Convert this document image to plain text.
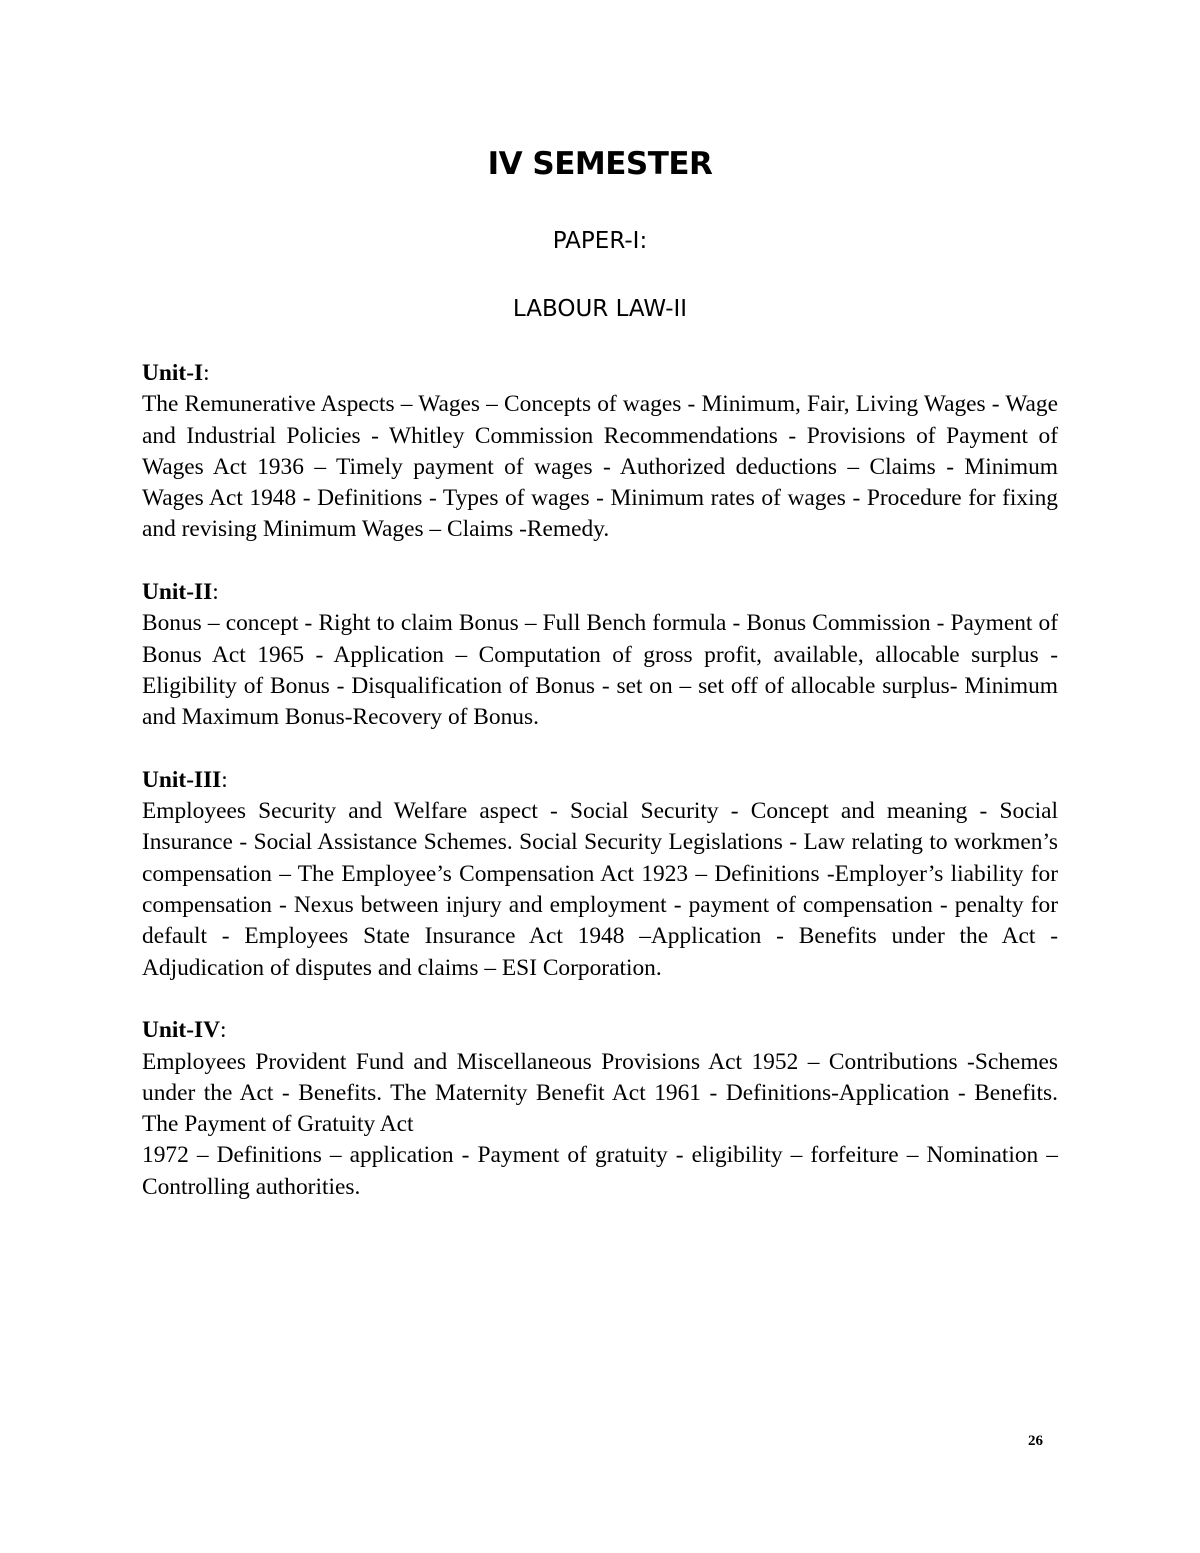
IV SEMESTER
PAPER-I:
LABOUR LAW-II
Unit-I:

The Remunerative Aspects – Wages – Concepts of wages - Minimum, Fair, Living Wages - Wage and Industrial Policies - Whitley Commission Recommendations - Provisions of Payment of Wages Act 1936 – Timely payment of wages - Authorized deductions – Claims - Minimum Wages Act 1948 - Definitions - Types of wages - Minimum rates of wages - Procedure for fixing and revising Minimum Wages – Claims -Remedy.

Unit-II:

Bonus – concept - Right to claim Bonus – Full Bench formula - Bonus Commission - Payment of Bonus Act 1965 - Application – Computation of gross profit, available, allocable surplus - Eligibility of Bonus - Disqualification of Bonus - set on – set off of allocable surplus- Minimum and Maximum Bonus-Recovery of Bonus.

Unit-III:

Employees Security and Welfare aspect - Social Security - Concept and meaning - Social Insurance - Social Assistance Schemes. Social Security Legislations - Law relating to workmen’s compensation – The Employee’s Compensation Act 1923 – Definitions -Employer’s liability for compensation - Nexus between injury and employment - payment of compensation - penalty for default - Employees State Insurance Act 1948 –Application - Benefits under the Act - Adjudication of disputes and claims – ESI Corporation.

Unit-IV:

Employees Provident Fund and Miscellaneous Provisions Act 1952 – Contributions -Schemes under the Act - Benefits. The Maternity Benefit Act 1961 - Definitions-Application - Benefits. The Payment of Gratuity Act

1972 – Definitions – application - Payment of gratuity - eligibility – forfeiture – Nomination – Controlling authorities.

26
